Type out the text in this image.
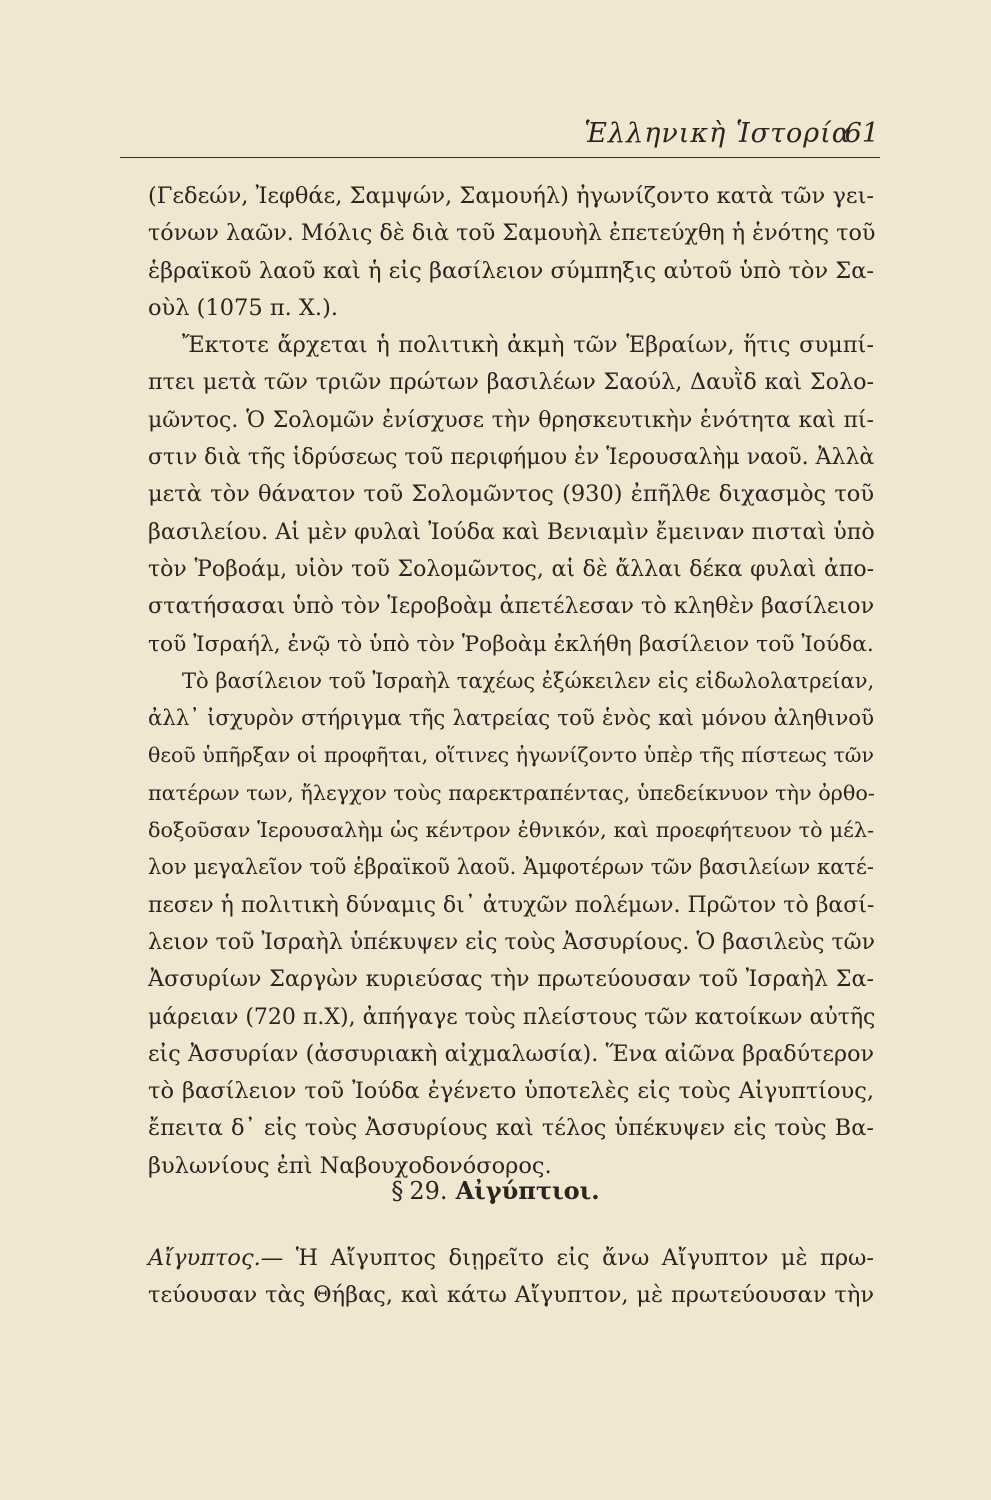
Ἑλληνικὴ Ἱστορία
61
(Γεδεών, Ἰεφθάε, Σαμψών, Σαμουήλ) ἠγωνίζοντο κατὰ τῶν γει-
τόνων λαῶν. Μόλις δὲ διὰ τοῦ Σαμουὴλ ἐπετεύχθη ἡ ἑνότης τοῦ
ἑβραϊκοῦ λαοῦ καὶ ἡ εἰς βασίλειον σύμπηξις αὐτοῦ ὑπὸ τὸν Σα-
οὺλ (1075 π. Χ.).
Ἔκτοτε ἄρχεται ἡ πολιτικὴ ἀκμὴ τῶν Ἑβραίων, ἥτις συμπί-
πτει μετὰ τῶν τριῶν πρώτων βασιλέων Σαούλ, Δαυῒδ καὶ Σολο-
μῶντος. Ὁ Σολομῶν ἐνίσχυσε τὴν θρησκευτικὴν ἑνότητα καὶ πί-
στιν διὰ τῆς ἱδρύσεως τοῦ περιφήμου ἐν Ἱερουσαλὴμ ναοῦ. Ἀλλὰ
μετὰ τὸν θάνατον τοῦ Σολομῶντος (930) ἐπῆλθε διχασμὸς τοῦ
βασιλείου. Αἱ μὲν φυλαὶ Ἰούδα καὶ Βενιαμὶν ἔμειναν πισταὶ ὑπὸ
τὸν Ῥοβοάμ, υἱὸν τοῦ Σολομῶντος, αἱ δὲ ἄλλαι δέκα φυλαὶ ἀπο-
στατήσασαι ὑπὸ τὸν Ἱεροβοὰμ ἀπετέλεσαν τὸ κληθὲν βασίλειον
τοῦ Ἰσραήλ, ἐνῷ τὸ ὑπὸ τὸν Ῥοβοὰμ ἐκλήθη βασίλειον τοῦ Ἰούδα.
Τὸ βασίλειον τοῦ Ἰσραὴλ ταχέως ἐξώκειλεν εἰς εἰδωλολατρείαν,
ἀλλ᾽ ἰσχυρὸν στήριγμα τῆς λατρείας τοῦ ἑνὸς καὶ μόνου ἀληθινοῦ
θεοῦ ὑπῆρξαν οἱ προφῆται, οἵτινες ἠγωνίζοντο ὑπὲρ τῆς πίστεως τῶν
πατέρων των, ἤλεγχον τοὺς παρεκτραπέντας, ὑπεδείκνυον τὴν ὀρθο-
δοξοῦσαν Ἱερουσαλὴμ ὡς κέντρον ἐθνικόν, καὶ προεφήτευον τὸ μέλ-
λον μεγαλεῖον τοῦ ἑβραϊκοῦ λαοῦ. Ἀμφοτέρων τῶν βασιλείων κατέ-
πεσεν ἡ πολιτικὴ δύναμις δι᾽ ἀτυχῶν πολέμων. Πρῶτον τὸ βασί-
λειον τοῦ Ἰσραὴλ ὑπέκυψεν εἰς τοὺς Ἀσσυρίους. Ὁ βασιλεὺς τῶν
Ἀσσυρίων Σαργὼν κυριεύσας τὴν πρωτεύουσαν τοῦ Ἰσραὴλ Σα-
μάρειαν (720 π.Χ), ἀπήγαγε τοὺς πλείστους τῶν κατοίκων αὐτῆς
εἰς Ἀσσυρίαν (ἀσσυριακὴ αἰχμαλωσία). Ἕνα αἰῶνα βραδύτερον
τὸ βασίλειον τοῦ Ἰούδα ἐγένετο ὑποτελὲς εἰς τοὺς Αἰγυπτίους,
ἔπειτα δ᾽ εἰς τοὺς Ἀσσυρίους καὶ τέλος ὑπέκυψεν εἰς τοὺς Βα-
βυλωνίους ἐπὶ Ναβουχοδονόσορος.
§ 29. Αἰγύπτιοι.
Αἴγυπτος.— Ἡ Αἴγυπτος διῃρεῖτο εἰς ἄνω Αἴγυπτον μὲ πρω-
τεύουσαν τὰς Θήβας, καὶ κάτω Αἴγυπτον, μὲ πρωτεύουσαν τὴν
